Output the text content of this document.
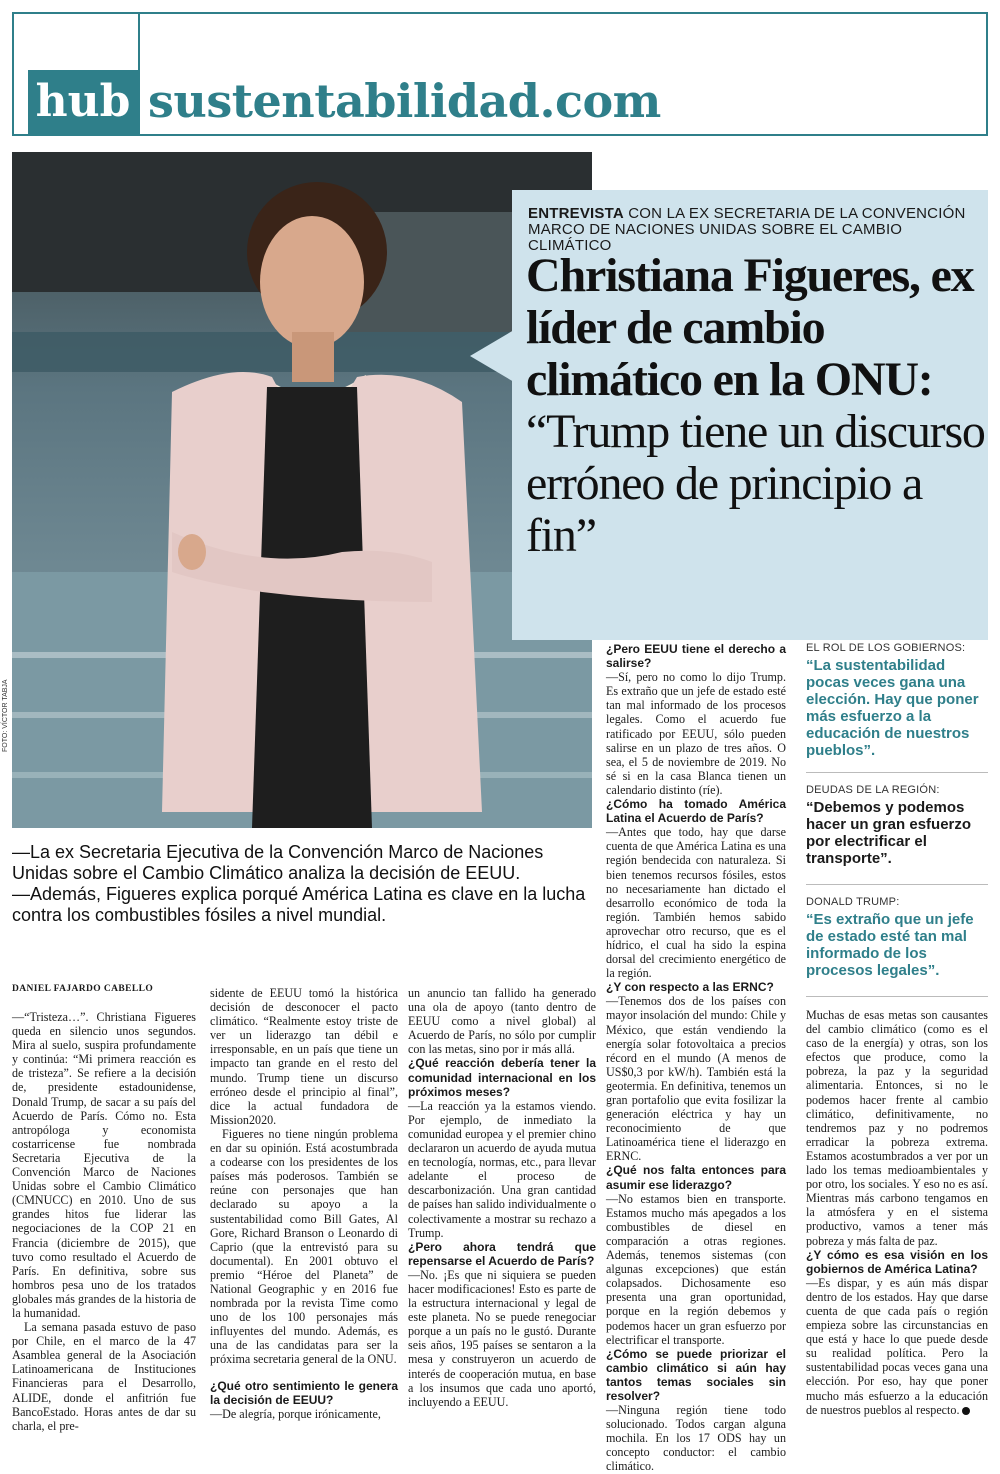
hub sustentabilidad.com
FOTO: VÍCTOR TABJA
ENTREVISTA CON LA EX SECRETARIA DE LA CONVENCIÓN MARCO DE NACIONES UNIDAS SOBRE EL CAMBIO CLIMÁTICO
Christiana Figueres, ex líder de cambio climático en la ONU:
“Trump tiene un discurso erróneo de principio a fin”

—La ex Secretaria Ejecutiva de la Convención Marco de Naciones Unidas sobre el Cambio Climático analiza la decisión de EEUU.

—Además, Figueres explica porqué América Latina es clave en la lucha contra los combustibles fósiles a nivel mundial.

DANIEL FAJARDO CABELLO

—“Tristeza…”. Christiana Figueres queda en silencio unos segundos. Mira al suelo, suspira profundamente y continúa: “Mi primera reacción es de tristeza”. Se refiere a la decisión de, presidente estadounidense, Donald Trump, de sacar a su país del Acuerdo de París. Cómo no. Esta antropóloga y economista costarricense fue nombrada Secretaria Ejecutiva de la Convención Marco de Naciones Unidas sobre el Cambio Climático (CMNUCC) en 2010. Uno de sus grandes hitos fue liderar las negociaciones de la COP 21 en Francia (diciembre de 2015), que tuvo como resultado el Acuerdo de París. En definitiva, sobre sus hombros pesa uno de los tratados globales más grandes de la historia de la humanidad.

La semana pasada estuvo de paso por Chile, en el marco de la 47 Asamblea general de la Asociación Latinoamericana de Instituciones Financieras para el Desarrollo, ALIDE, donde el anfitrión fue BancoEstado. Horas antes de dar su charla, el pre-

sidente de EEUU tomó la histórica decisión de desconocer el pacto climático. “Realmente estoy triste de ver un liderazgo tan débil e irresponsable, en un país que tiene un impacto tan grande en el resto del mundo. Trump tiene un discurso erróneo desde el principio al final”, dice la actual fundadora de Mission2020.

Figueres no tiene ningún problema en dar su opinión. Está acostumbrada a codearse con los presidentes de los países más poderosos. También se reúne con personajes que han declarado su apoyo a la sustentabilidad como Bill Gates, Al Gore, Richard Branson o Leonardo di Caprio (que la entrevistó para su documental). En 2001 obtuvo el premio “Héroe del Planeta” de National Geographic y en 2016 fue nombrada por la revista Time como uno de los 100 personajes más influyentes del mundo. Además, es una de las candidatas para ser la próxima secretaria general de la ONU.

¿Qué otro sentimiento le genera la decisión de EEUU?

—De alegría, porque irónicamente,

un anuncio tan fallido ha generado una ola de apoyo (tanto dentro de EEUU como a nivel global) al Acuerdo de París, no sólo por cumplir con las metas, sino por ir más allá.

¿Qué reacción debería tener la comunidad internacional en los próximos meses?

—La reacción ya la estamos viendo. Por ejemplo, de inmediato la comunidad europea y el premier chino declararon un acuerdo de ayuda mutua en tecnología, normas, etc., para llevar adelante el proceso de descarbonización. Una gran cantidad de países han salido individualmente o colectivamente a mostrar su rechazo a Trump.

¿Pero ahora tendrá que repensarse el Acuerdo de París?

—No. ¡Es que ni siquiera se pueden hacer modificaciones! Esto es parte de la estructura internacional y legal de este planeta. No se puede renegociar porque a un país no le gustó. Durante seis años, 195 países se sentaron a la mesa y construyeron un acuerdo de interés de cooperación mutua, en base a los insumos que cada uno aportó, incluyendo a EEUU.

¿Pero EEUU tiene el derecho a salirse?

—Sí, pero no como lo dijo Trump. Es extraño que un jefe de estado esté tan mal informado de los procesos legales. Como el acuerdo fue ratificado por EEUU, sólo pueden salirse en un plazo de tres años. O sea, el 5 de noviembre de 2019. No sé si en la casa Blanca tienen un calendario distinto (ríe).

¿Cómo ha tomado América Latina el Acuerdo de París?

—Antes que todo, hay que darse cuenta de que América Latina es una región bendecida con naturaleza. Si bien tenemos recursos fósiles, estos no necesariamente han dictado el desarrollo económico de toda la región. También hemos sabido aprovechar otro recurso, que es el hídrico, el cual ha sido la espina dorsal del crecimiento energético de la región.

¿Y con respecto a las ERNC?

—Tenemos dos de los países con mayor insolación del mundo: Chile y México, que están vendiendo la energía solar fotovoltaica a precios récord en el mundo (A menos de US$0,3 por kW/h). También está la geotermia. En definitiva, tenemos un gran portafolio que evita fosilizar la generación eléctrica y hay un reconocimiento de que Latinoamérica tiene el liderazgo en ERNC.

¿Qué nos falta entonces para asumir ese liderazgo?

—No estamos bien en transporte. Estamos mucho más apegados a los combustibles de diesel en comparación a otras regiones. Además, tenemos sistemas (con algunas excepciones) que están colapsados. Dichosamente eso presenta una gran oportunidad, porque en la región debemos y podemos hacer un gran esfuerzo por electrificar el transporte.

¿Cómo se puede priorizar el cambio climático si aún hay tantos temas sociales sin resolver?

—Ninguna región tiene todo solucionado. Todos cargan alguna mochila. En los 17 ODS hay un concepto conductor: el cambio climático.

EL ROL DE LOS GOBIERNOS:
“La sustentabilidad pocas veces gana una elección. Hay que poner más esfuerzo a la educación de nuestros pueblos”.
DEUDAS DE LA REGIÓN:
“Debemos y podemos hacer un gran esfuerzo por electrificar el transporte”.
DONALD TRUMP:
“Es extraño que un jefe de estado esté tan mal informado de los procesos legales”.

Muchas de esas metas son causantes del cambio climático (como es el caso de la energía) y otras, son los efectos que produce, como la pobreza, la paz y la seguridad alimentaria. Entonces, si no le podemos hacer frente al cambio climático, definitivamente, no tendremos paz y no podremos erradicar la pobreza extrema. Estamos acostumbrados a ver por un lado los temas medioambientales y por otro, los sociales. Y eso no es así. Mientras más carbono tengamos en la atmósfera y en el sistema productivo, vamos a tener más pobreza y más falta de paz.

¿Y cómo es esa visión en los gobiernos de América Latina?

—Es dispar, y es aún más dispar dentro de los estados. Hay que darse cuenta de que cada país o región empieza sobre las circunstancias en que está y hace lo que puede desde su realidad política. Pero la sustentabilidad pocas veces gana una elección. Por eso, hay que poner mucho más esfuerzo a la educación de nuestros pueblos al respecto.
